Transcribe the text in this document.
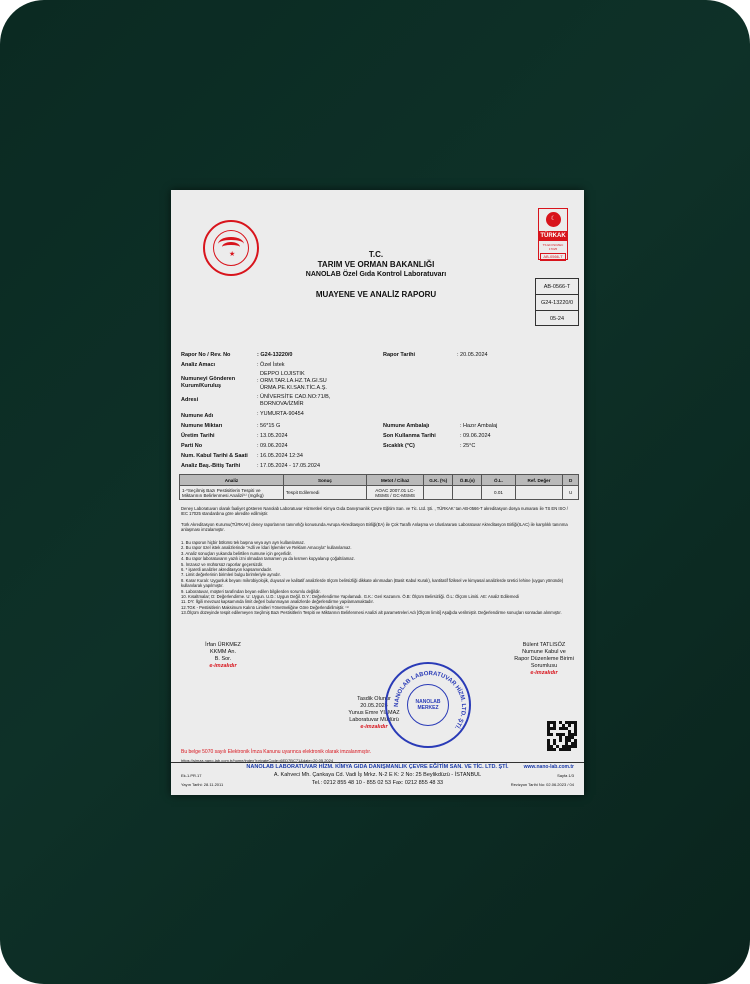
★	T.C.
TARIM VE ORMAN BAKANLIĞI
NANOLAB Özel Gıda Kontrol Laboratuvarı
MUAYENE VE ANALİZ RAPORU
☾
TÜRKAK
TS EN ISO/IEC 17025
AB-0566-T
AB-0566-T
G24-13220/0
05-24
Rapor No / Rev. No	: G24-13220/0	Rapor Tarihi	: 20.05.2024
Analiz Amacı	: Özel İstek
Numuneyi Gönderen Kurum/Kuruluş
DEPPO LOJISTIK
: ORM.TAR.LA.HZ.TA.GI.SU
ÜRMA.PE.KI.SAN.TİC.A.Ş.
Adresi	: ÜNİVERSİTE CAD.NO:71/B,
BORNOVA/İZMİR
Numune Adı	: YUMURTA-90454
Numune Miktarı	: 56*15 G	Numune Ambalajı	: Hazır Ambalaj
Üretim Tarihi	: 13.05.2024	Son Kullanma Tarihi	: 09.06.2024
Parti No	: 09.06.2024	Sıcaklık (°C)	: 25°C
Num. Kabul Tarihi & Saati : 16.05.2024 12:34
Analiz Baş.-Bitiş Tarihi	: 17.05.2024 - 17.05.2024
Analiz	Sonuç	Metot / Cihaz	G.K. (%)	Ö.B.(±)	Ö.L.	Ref. Değer	D
1-*Seçilmiş Bazı Pestisitlerin Tespiti ve Miktarının Belirlenmesi Analizi⁽¹⁾ (mg/kg)	Tespit Edilemedi	AOAC 2007.01 LC-MSMS / GC-MSMS			0.01		U
Deney Laboratuvarı olarak faaliyet gösteren Nanolab Laboratuvar Hizmetleri Kimya Gıda Danışmanlık Çevre Eğitim San. ve Tic. Ltd. Şti. , TÜRKAK' tan AB-0566-T akreditasyon dosya numarası ile TS EN ISO / IEC 17025 standardına göre akredite edilmiştir.
Türk Akreditasyon Kurumu(TÜRKAK) deney raporlarının tanınırlığı konusunda Avrupa Akreditasyon Birliği(EA) ile Çok Taraflı Anlaşma ve Uluslararası Laboratuvar Akreditasyon Birliği(ILAC) ile karşılıklı tanınma anlaşması imzalamıştır.
1. Bu raporun hiçbir bölümü tek başına veya ayrı ayrı kullanılamaz.
2. Bu rapor özel istek analizlerinde "Adli ve İdari İşlemler ve Reklam Amacıyla" kullanılamaz.
3. Analiz sonuçları yukarıda belirtilen numune için geçerlidir.
4. Bu rapor laboratuvarın yazılı izni olmadan tamamen ya da kısmen kopyalanıp çoğaltılamaz.
5. İmzasız ve mühürsüz raporlar geçersizdir.
6. * işaretli analizler akreditasyon kapsamındadır.
7. Limit değerlerinin birimleri bulgu birimleriyle aynıdır.
8. Karar Kuralı: Uygunluk beyanı mikrobiyolojik, duyusal ve kalitatif analizlerde ölçüm belirsizliği dikkate alınmadan (Basit Kabul Kuralı), kantitatif fiziksel ve kimyasal analizlerde üretici lehine (uygun yönünde) kullanılarak yapılmıştır.
9. Laboratuvar, müşteri tarafından beyan edilen bilgilerden sorumlu değildir.
10. Kısaltmalar; D: Değerlendirme. U: Uygun. U.D.: Uygun Değil. D.Y.: Değerlendirme Yapılamadı. G.K.: Geri Kazanım. Ö.B: Ölçüm Belirsizliği. Ö.L: Ölçüm Limiti. AE: Analiz Edilemedi
11. DY: İlgili mevzuat kapsamında limit değeri bulunmayan analizlerde değerlendirme yapılamamaktadır.
12.TGK - Pestisitlerin Maksimum Kalıntı Limitleri Yönetmeliğine Göre Değerlendirilmiştir. ⁽¹⁾
13.Ölçüm düzeyinde tespit edilemeyen Seçilmiş Bazı Pestisitlerin Tespiti ve Miktarının Belirlenmesi Analizi alt parametreleri Adı [Ölçüm limiti] Aşağıda verilmiştir. Değerlendirme sonuçları sonradan alınmıştır.
İrfan ÜRKMEZ
KKMM An.
B. Sor.
e-imzalıdır
Bülent TATLISÖZ
Numune Kabul ve
Rapor Düzenleme Birimi
Sorumlusu
e-imzalıdır
Tasdik Olunur
20.05.2024
Yunus Emre YILMAZ
Laboratuvar Müdürü
e-imzalıdır
NANOLAB LABORATUVAR HİZM. LTD. ŞTİ.
NANOLAB
MERKEZ
Bu belge 5070 sayılı Elektronik İmza Kanunu uyarınca elektronik olarak imzalanmıştır.
https://simza.nano-lab.com.tr/home/index?privateCode=6ED7BC71&date=20.05.2024
NANOLAB LABORATUVAR HİZM. KİMYA GIDA DANIŞMANLIK ÇEVRE EĞİTİM SAN. VE TİC. LTD. ŞTİ.	www.nano-lab.com.tr
Ek-1.PR.17	A. Kahveci Mh. Çankaya Cd. Vadi İş Mrkz. N-2 E K: 2 No: 25 Beylikdüzü - İSTANBUL	Sayfa 1/3
Yayın Tarihi: 28.11.2011	Tel.: 0212 855 48 10 - 855 02 53 Fax: 0212 855 48 33	Revizyon Tarihi No: 02.06.2023 / 04
